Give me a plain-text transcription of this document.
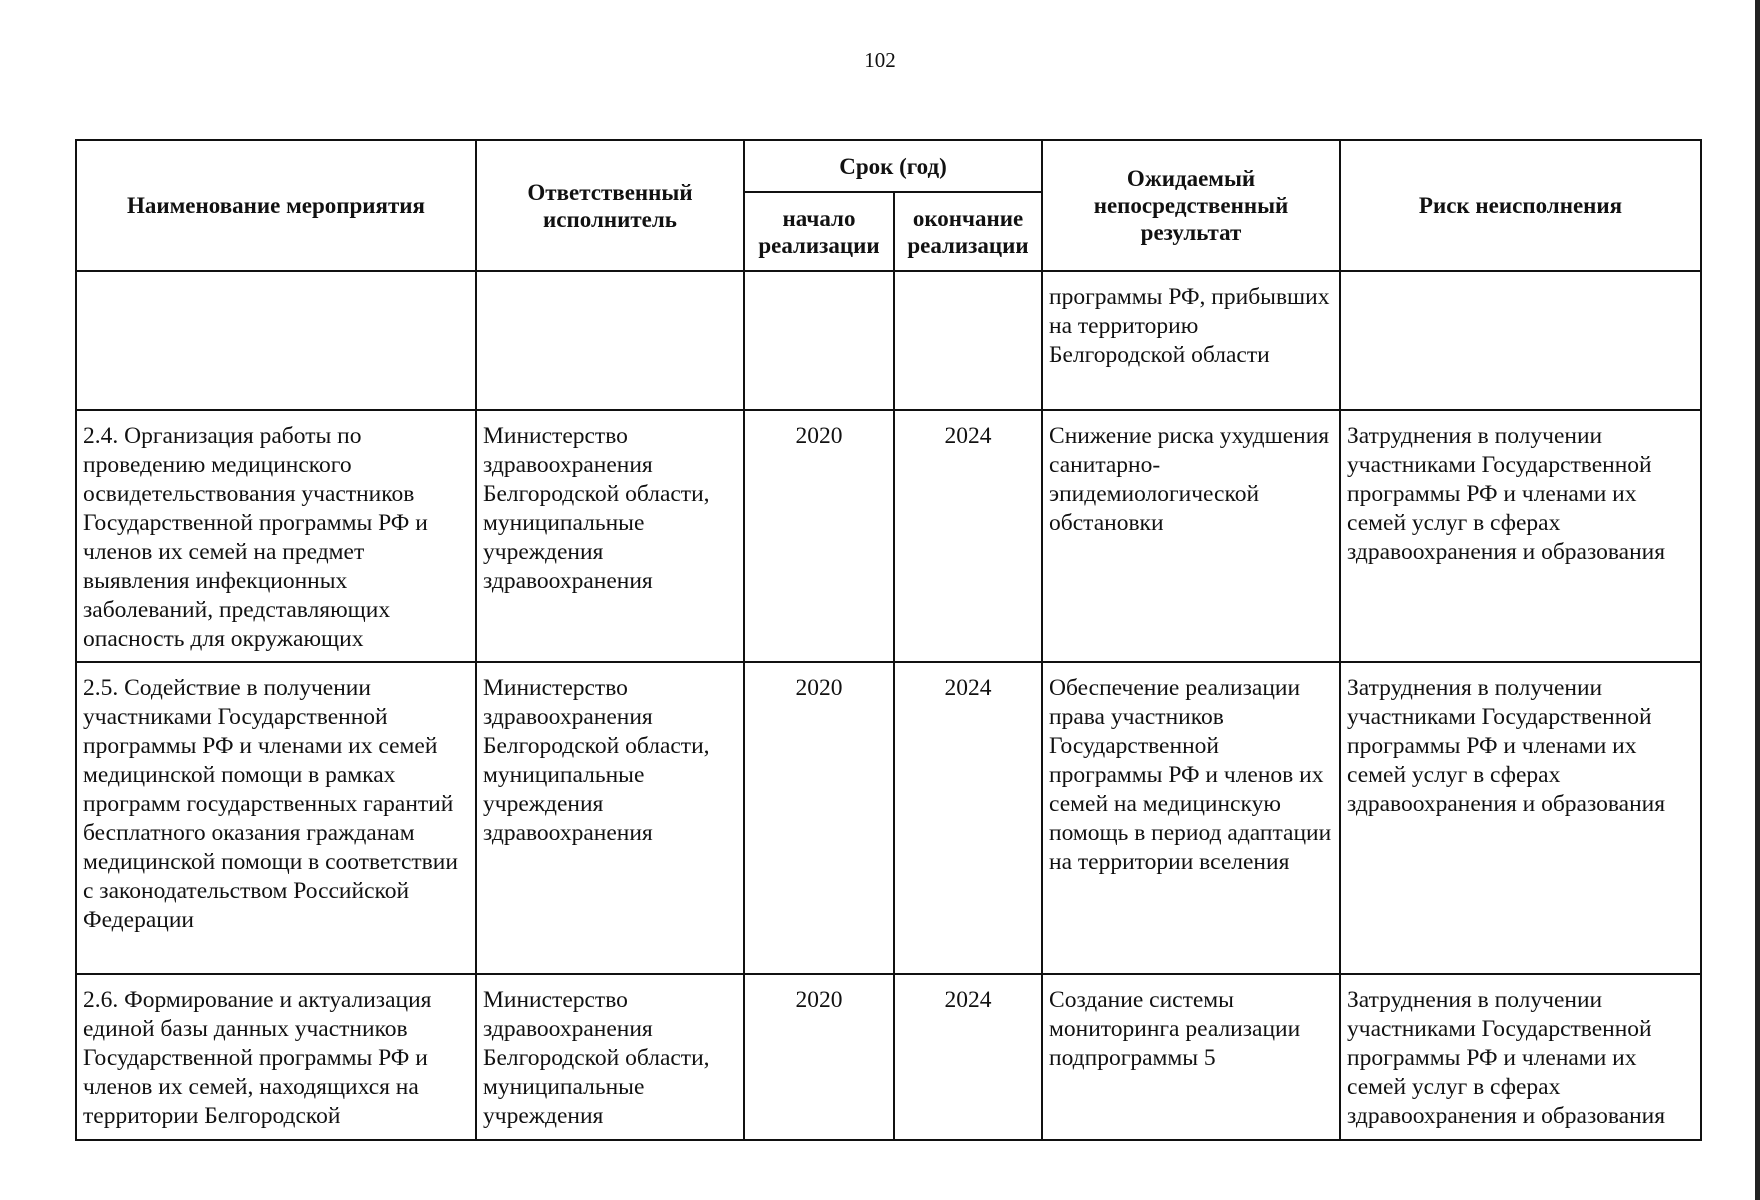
102
Наименование мероприятия	Ответственный исполнитель	Срок (год)		Ожидаемый непосредственный результат	Риск неисполнения
		начало реализации	окончание реализации		
				программы РФ, прибывших на территорию Белгородской области	
2.4. Организация работы по проведению медицинского освидетельствования участников Государственной программы РФ и членов их семей на предмет выявления инфекционных заболеваний, представляющих опасность для окружающих	Министерство здравоохранения Белгородской области, муниципальные учреждения здравоохранения	2020	2024	Снижение риска ухудшения санитарно-эпидемиологической обстановки	Затруднения в получении участниками Государственной программы РФ и членами их семей услуг в сферах здравоохранения и образования
2.5. Содействие в получении участниками Государственной программы РФ и членами их семей медицинской помощи в рамках программ государственных гарантий бесплатного оказания гражданам медицинской помощи в соответствии с законодательством Российской Федерации	Министерство здравоохранения Белгородской области, муниципальные учреждения здравоохранения	2020	2024	Обеспечение реализации права участников Государственной программы РФ и членов их семей на медицинскую помощь в период адаптации на территории вселения	Затруднения в получении участниками Государственной программы РФ и членами их семей услуг в сферах здравоохранения и образования
2.6. Формирование и актуализация единой базы данных участников Государственной программы РФ и членов их семей, находящихся на территории Белгородской	Министерство здравоохранения Белгородской области, муниципальные учреждения	2020	2024	Создание системы мониторинга реализации подпрограммы 5	Затруднения в получении участниками Государственной программы РФ и членами их семей услуг в сферах здравоохранения и образования
